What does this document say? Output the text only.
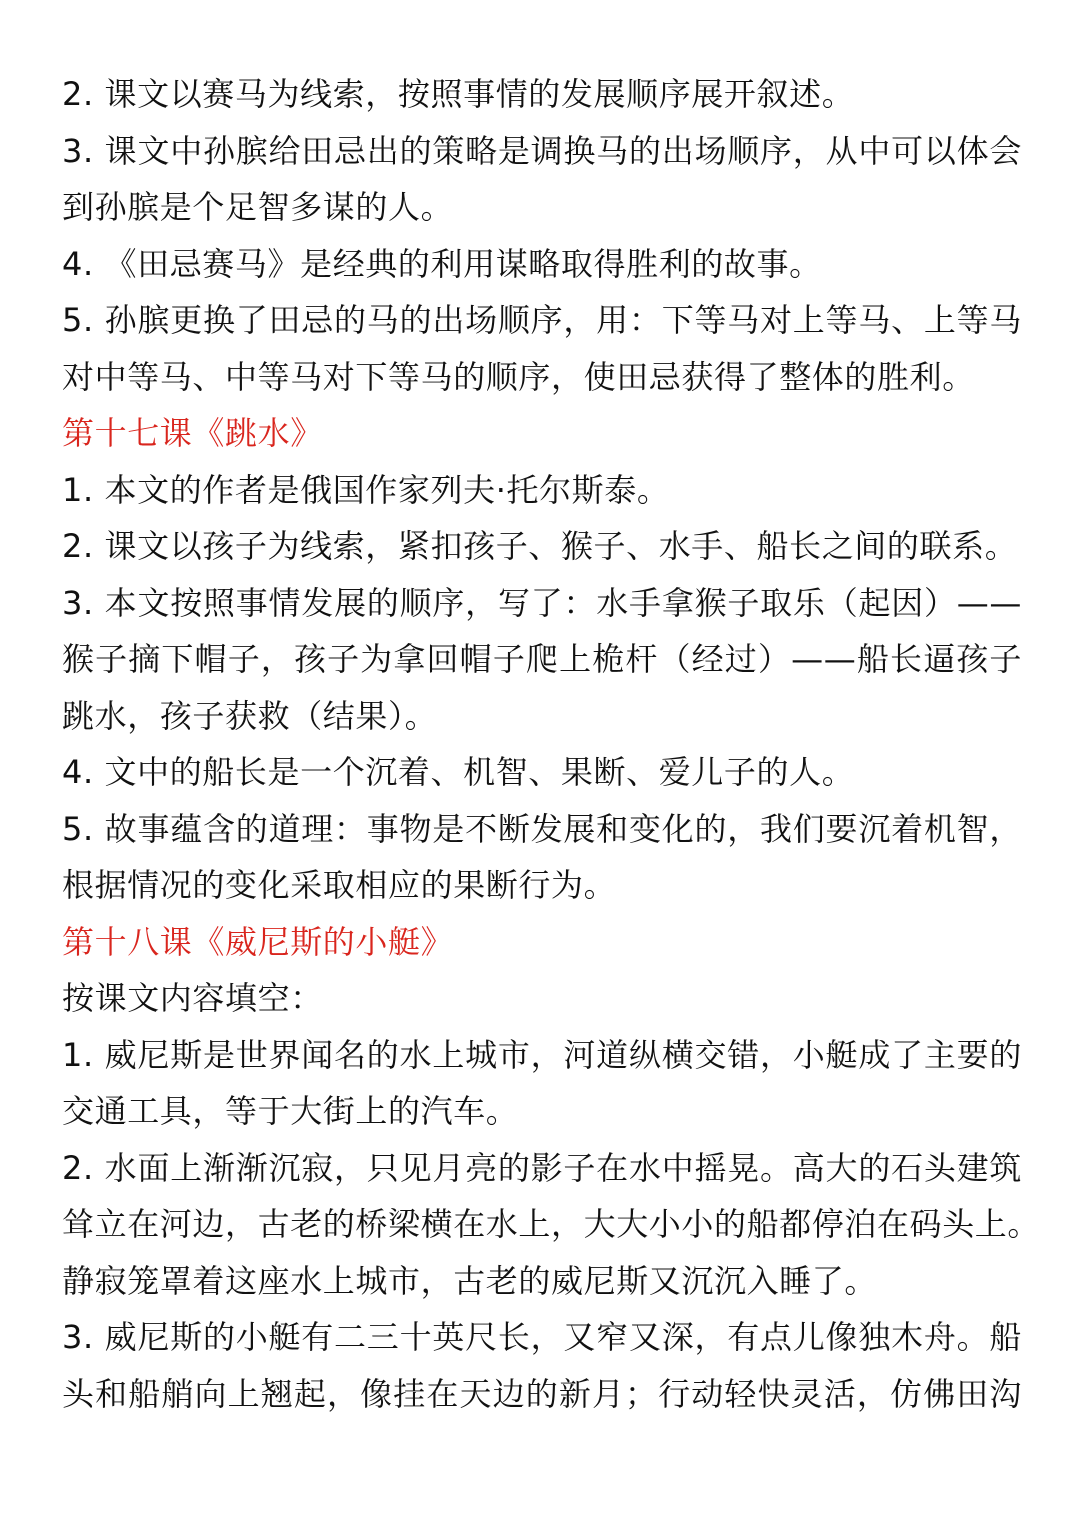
2. 课文以赛马为线索，按照事情的发展顺序展开叙述。
3. 课文中孙膑给田忌出的策略是调换马的出场顺序，从中可以体会
到孙膑是个足智多谋的人。
4. 《田忌赛马》是经典的利用谋略取得胜利的故事。
5. 孙膑更换了田忌的马的出场顺序，用：下等马对上等马、上等马
对中等马、中等马对下等马的顺序，使田忌获得了整体的胜利。
第十七课《跳水》
1. 本文的作者是俄国作家列夫·托尔斯泰。
2. 课文以孩子为线索，紧扣孩子、猴子、水手、船长之间的联系。
3. 本文按照事情发展的顺序，写了：水手拿猴子取乐（起因）——
猴子摘下帽子，孩子为拿回帽子爬上桅杆（经过）——船长逼孩子
跳水，孩子获救（结果）。
4. 文中的船长是一个沉着、机智、果断、爱儿子的人。
5. 故事蕴含的道理：事物是不断发展和变化的，我们要沉着机智，
根据情况的变化采取相应的果断行为。
第十八课《威尼斯的小艇》
按课文内容填空：
1. 威尼斯是世界闻名的水上城市，河道纵横交错，小艇成了主要的
交通工具，等于大街上的汽车。
2. 水面上渐渐沉寂，只见月亮的影子在水中摇晃。高大的石头建筑
耸立在河边，古老的桥梁横在水上，大大小小的船都停泊在码头上。
静寂笼罩着这座水上城市，古老的威尼斯又沉沉入睡了。
3. 威尼斯的小艇有二三十英尺长，又窄又深，有点儿像独木舟。船
头和船艄向上翘起，像挂在天边的新月；行动轻快灵活，仿佛田沟
